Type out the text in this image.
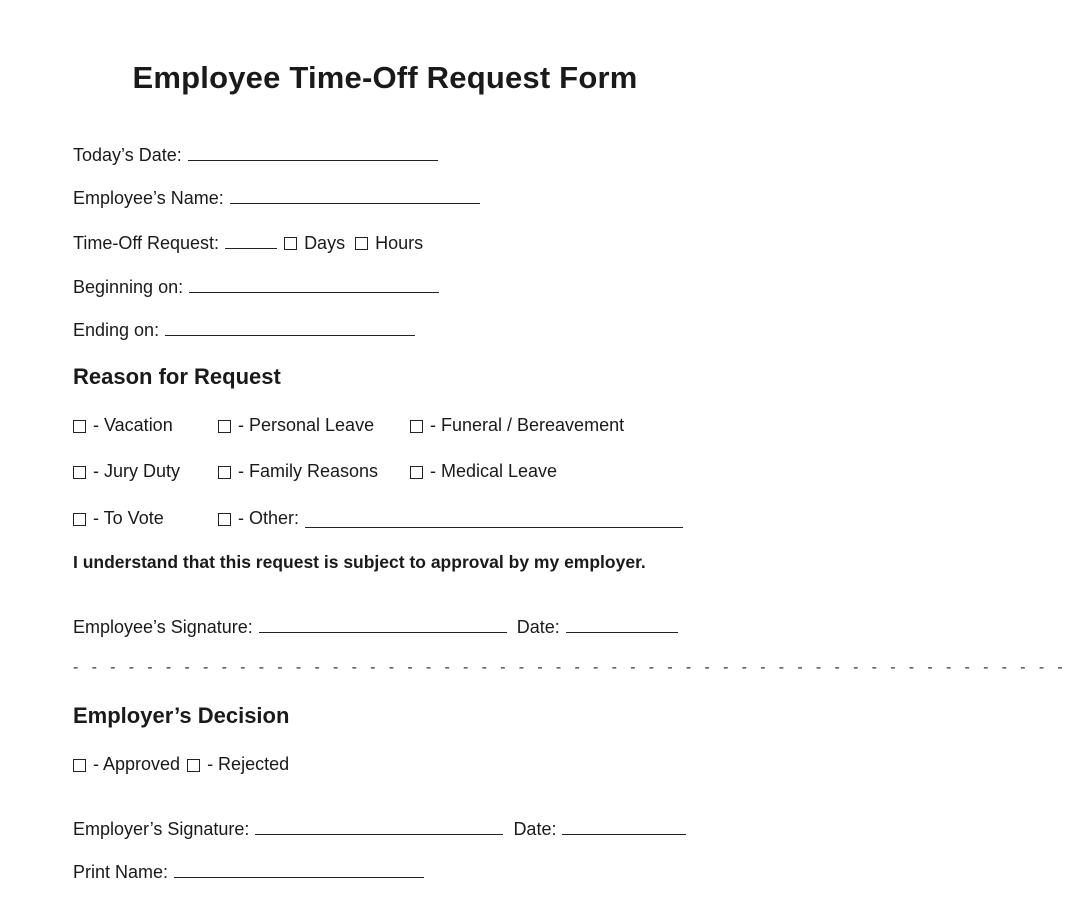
Employee Time-Off Request Form
Today’s Date:
Employee’s Name:
Time-Off Request:	Days Hours
Beginning on:
Ending on:
Reason for Request
- Vacation	- Personal Leave	- Funeral / Bereavement
- Jury Duty	- Family Reasons	- Medical Leave
- To Vote	- Other:
I understand that this request is subject to approval by my employer.
Employee’s Signature:	Date:
- - - - - - - - - - - - - - - - - - - - - - - - - - - - - - - - - - - - - - - - - - - - - - - - - - - - - -
Employer’s Decision
- Approved - Rejected
Employer’s Signature:	Date:
Print Name:
